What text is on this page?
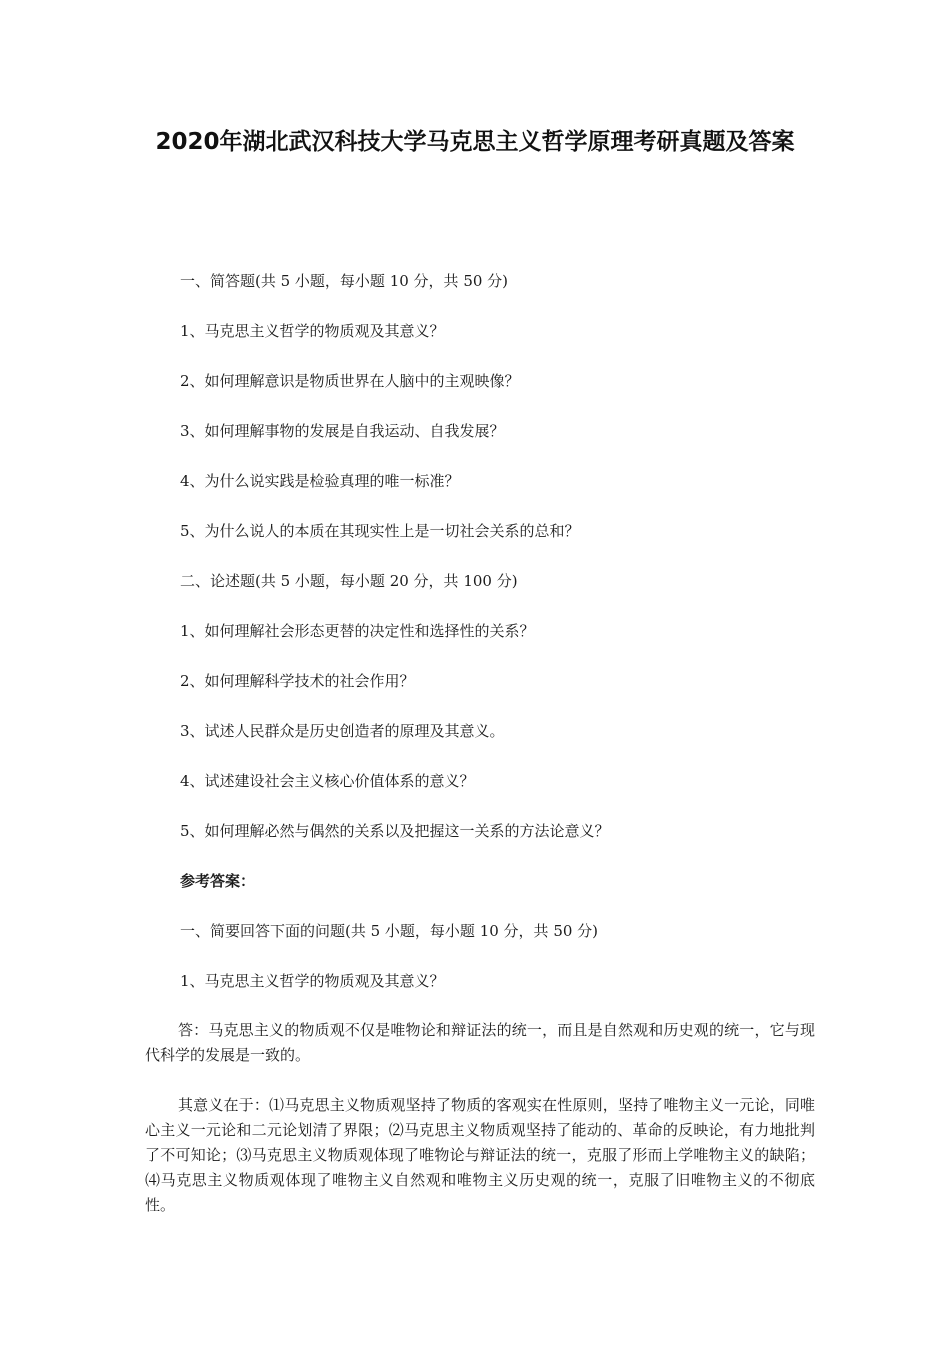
2020年湖北武汉科技大学马克思主义哲学原理考研真题及答案
一、简答题(共 5 小题，每小题 10 分，共 50 分)
1、马克思主义哲学的物质观及其意义？
2、如何理解意识是物质世界在人脑中的主观映像？
3、如何理解事物的发展是自我运动、自我发展？
4、为什么说实践是检验真理的唯一标准？
5、为什么说人的本质在其现实性上是一切社会关系的总和？
二、论述题(共 5 小题，每小题 20 分，共 100 分)
1、如何理解社会形态更替的决定性和选择性的关系？
2、如何理解科学技术的社会作用？
3、试述人民群众是历史创造者的原理及其意义。
4、试述建设社会主义核心价值体系的意义？
5、如何理解必然与偶然的关系以及把握这一关系的方法论意义？
参考答案：
一、简要回答下面的问题(共 5 小题，每小题 10 分，共 50 分)
1、马克思主义哲学的物质观及其意义？
答：马克思主义的物质观不仅是唯物论和辩证法的统一，而且是自然观和历史观的统一，它与现代科学的发展是一致的。
其意义在于：⑴马克思主义物质观坚持了物质的客观实在性原则，坚持了唯物主义一元论，同唯心主义一元论和二元论划清了界限；⑵马克思主义物质观坚持了能动的、革命的反映论，有力地批判了不可知论；⑶马克思主义物质观体现了唯物论与辩证法的统一，克服了形而上学唯物主义的缺陷；⑷马克思主义物质观体现了唯物主义自然观和唯物主义历史观的统一，克服了旧唯物主义的不彻底性。
